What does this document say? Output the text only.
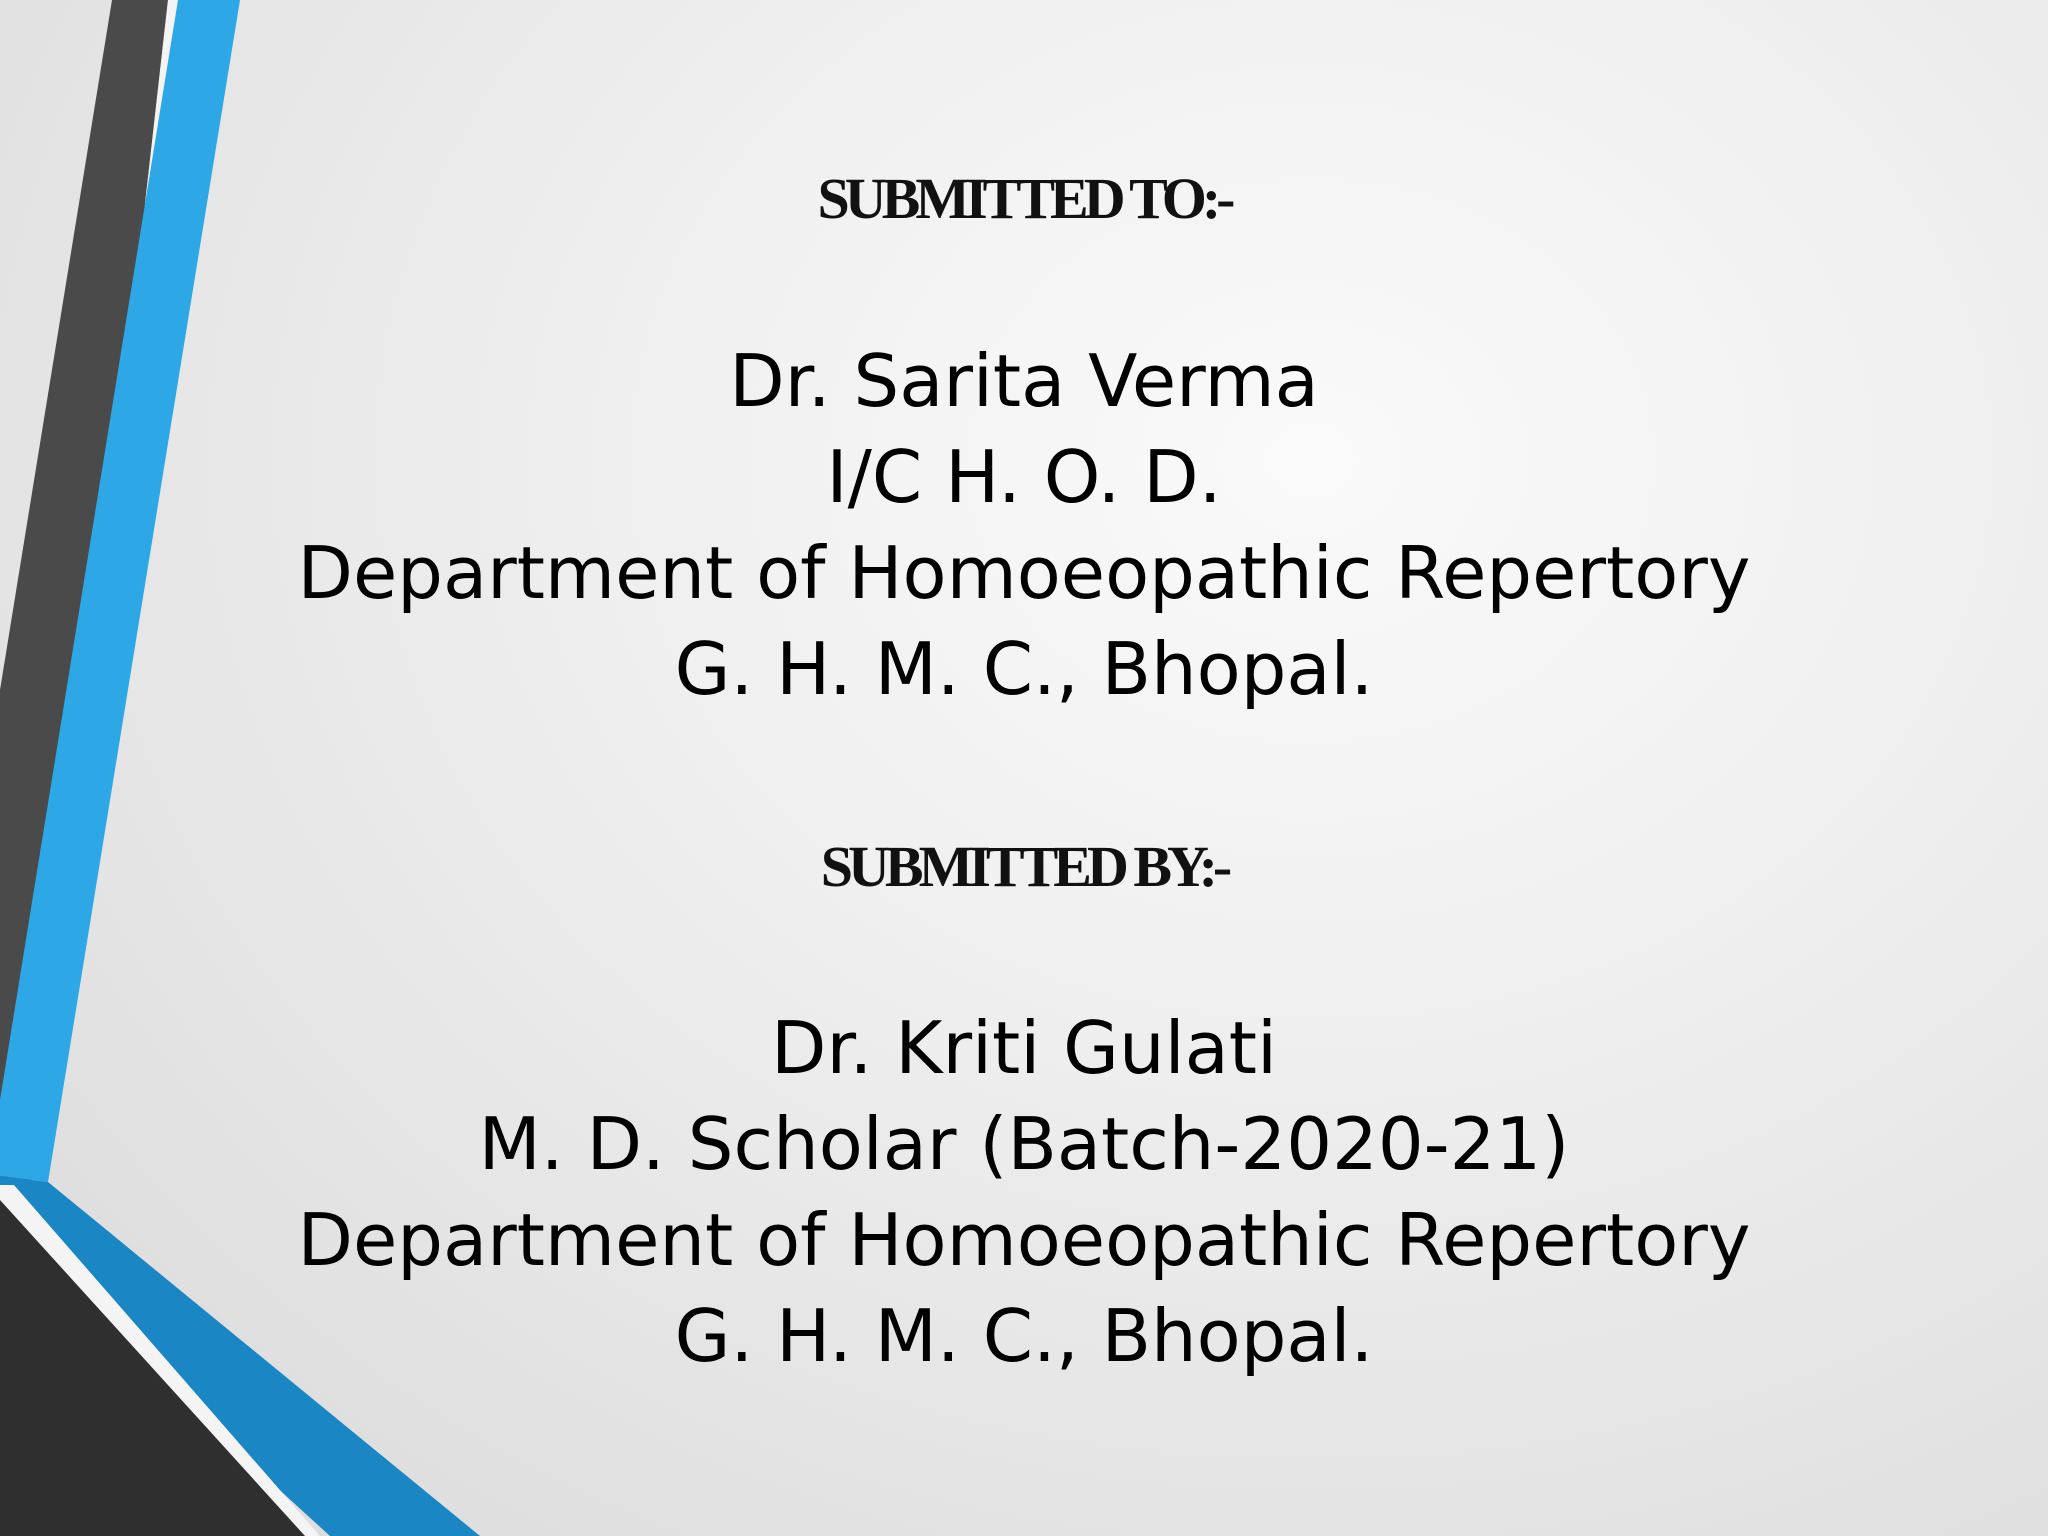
SUBMITTED TO:-
Dr. Sarita Verma
I/C H. O. D.
Department of Homoeopathic Repertory
G. H. M. C., Bhopal.
SUBMITTED BY:-
Dr. Kriti Gulati
M. D. Scholar (Batch-2020-21)
Department of Homoeopathic Repertory
G. H. M. C., Bhopal.
